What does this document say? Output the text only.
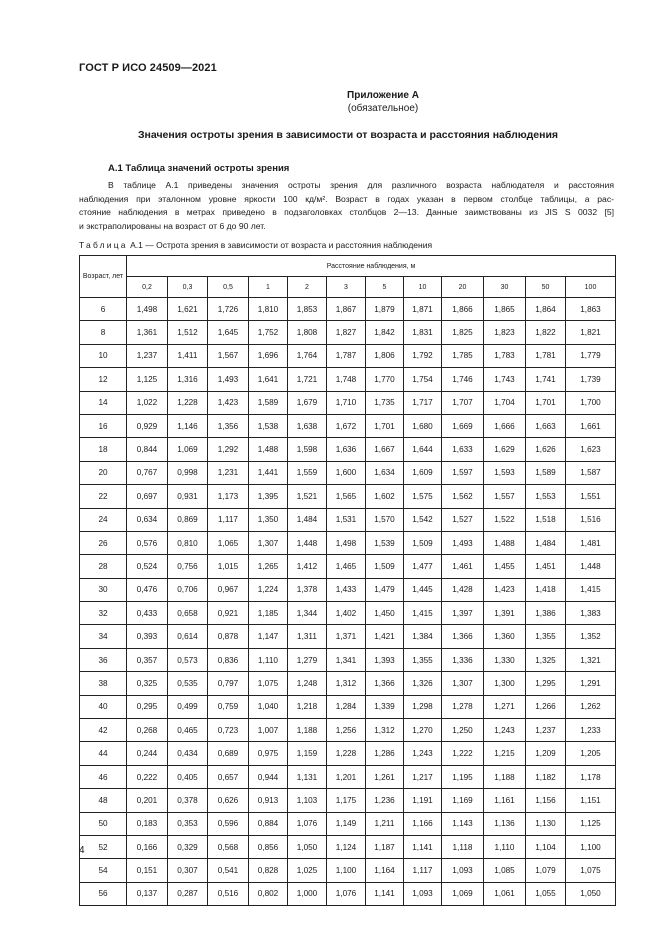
ГОСТ Р ИСО 24509—2021
Приложение А
(обязательное)
Значения остроты зрения в зависимости от возраста и расстояния наблюдения
А.1 Таблица значений остроты зрения
В таблице А.1 приведены значения остроты зрения для различного возраста наблюдателя и расстояния
наблюдения при эталонном уровне яркости 100 кд/м². Возраст в годах указан в первом столбце таблицы, а рас-
стояние наблюдения в метрах приведено в подзаголовках столбцов 2—13. Данные заимствованы из JIS S 0032 [5]
и экстраполированы на возраст от 6 до 90 лет.
Таблица А.1 — Острота зрения в зависимости от возраста и расстояния наблюдения
Возраст, лет	Расстояние наблюдения, м											
	0,2	0,3	0,5	1	2	3	5	10	20	30	50	100
6	1,498	1,621	1,726	1,810	1,853	1,867	1,879	1,871	1,866	1,865	1,864	1,863
8	1,361	1,512	1,645	1,752	1,808	1,827	1,842	1,831	1,825	1,823	1,822	1,821
10	1,237	1,411	1,567	1,696	1,764	1,787	1,806	1,792	1,785	1,783	1,781	1,779
12	1,125	1,316	1,493	1,641	1,721	1,748	1,770	1,754	1,746	1,743	1,741	1,739
14	1,022	1,228	1,423	1,589	1,679	1,710	1,735	1,717	1,707	1,704	1,701	1,700
16	0,929	1,146	1,356	1,538	1,638	1,672	1,701	1,680	1,669	1,666	1,663	1,661
18	0,844	1,069	1,292	1,488	1,598	1,636	1,667	1,644	1,633	1,629	1,626	1,623
20	0,767	0,998	1,231	1,441	1,559	1,600	1,634	1,609	1,597	1,593	1,589	1,587
22	0,697	0,931	1,173	1,395	1,521	1,565	1,602	1,575	1,562	1,557	1,553	1,551
24	0,634	0,869	1,117	1,350	1,484	1,531	1,570	1,542	1,527	1,522	1,518	1,516
26	0,576	0,810	1,065	1,307	1,448	1,498	1,539	1,509	1,493	1,488	1,484	1,481
28	0,524	0,756	1,015	1,265	1,412	1,465	1,509	1,477	1,461	1,455	1,451	1,448
30	0,476	0,706	0,967	1,224	1,378	1,433	1,479	1,445	1,428	1,423	1,418	1,415
32	0,433	0,658	0,921	1,185	1,344	1,402	1,450	1,415	1,397	1,391	1,386	1,383
34	0,393	0,614	0,878	1,147	1,311	1,371	1,421	1,384	1,366	1,360	1,355	1,352
36	0,357	0,573	0,836	1,110	1,279	1,341	1,393	1,355	1,336	1,330	1,325	1,321
38	0,325	0,535	0,797	1,075	1,248	1,312	1,366	1,326	1,307	1,300	1,295	1,291
40	0,295	0,499	0,759	1,040	1,218	1,284	1,339	1,298	1,278	1,271	1,266	1,262
42	0,268	0,465	0,723	1,007	1,188	1,256	1,312	1,270	1,250	1,243	1,237	1,233
44	0,244	0,434	0,689	0,975	1,159	1,228	1,286	1,243	1,222	1,215	1,209	1,205
46	0,222	0,405	0,657	0,944	1,131	1,201	1,261	1,217	1,195	1,188	1,182	1,178
48	0,201	0,378	0,626	0,913	1,103	1,175	1,236	1,191	1,169	1,161	1,156	1,151
50	0,183	0,353	0,596	0,884	1,076	1,149	1,211	1,166	1,143	1,136	1,130	1,125
52	0,166	0,329	0,568	0,856	1,050	1,124	1,187	1,141	1,118	1,110	1,104	1,100
54	0,151	0,307	0,541	0,828	1,025	1,100	1,164	1,117	1,093	1,085	1,079	1,075
56	0,137	0,287	0,516	0,802	1,000	1,076	1,141	1,093	1,069	1,061	1,055	1,050
4
